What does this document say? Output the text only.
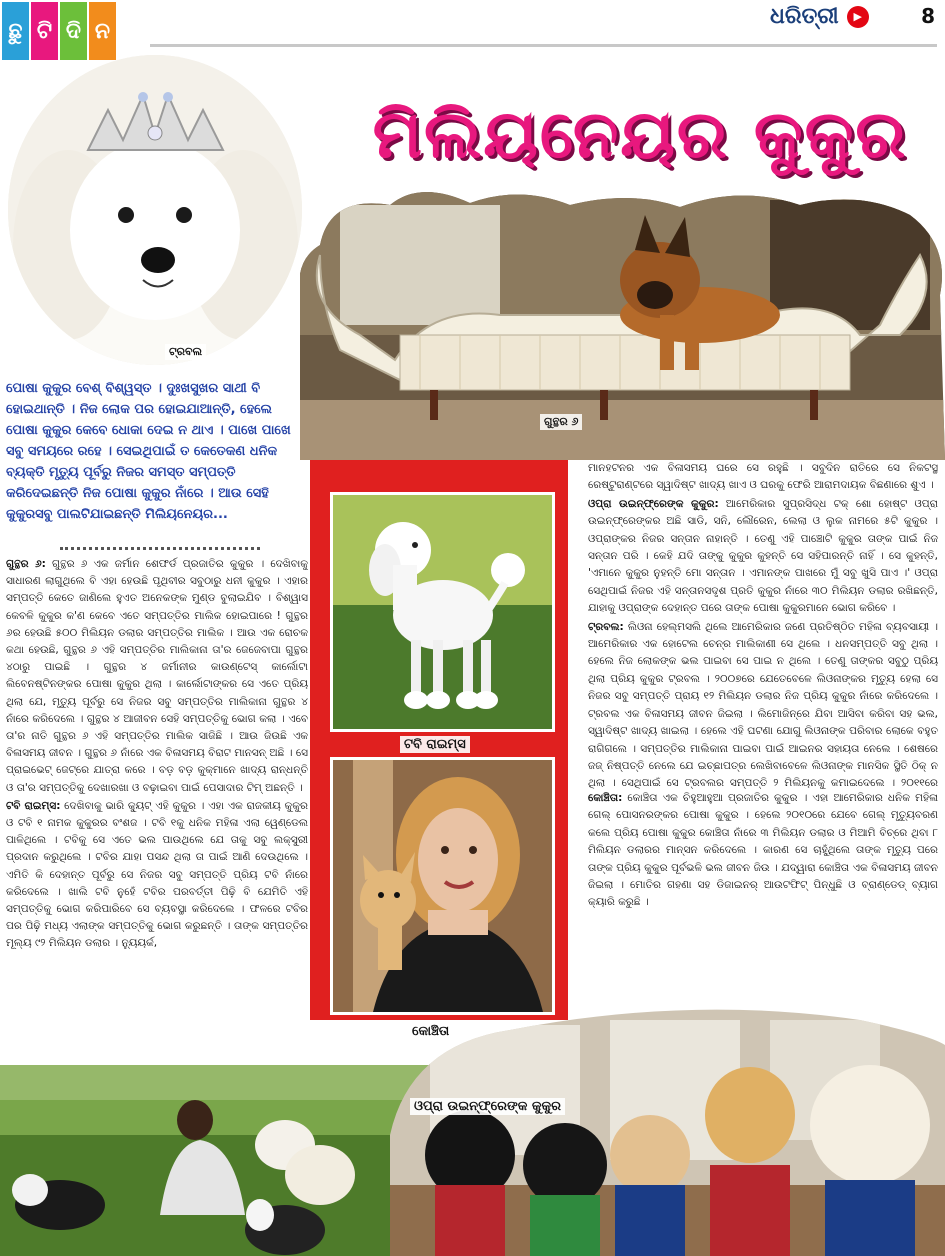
ଛୁ ଟି ଦି ନ
ଧରିତ୍ରୀ	▶	8
ମିଲିୟନେୟର କୁକୁର
ଟ୍ରବଲ
ଗୁନ୍ଥର ୬
ଟବି ରାଇମ୍ସ
କୋଞ୍ଚିତା
ଓପ୍ରା ଉଇନ୍‌ଫ୍ରେଙ୍କ କୁକୁର
ପୋଷା କୁକୁର ବେଶ୍ ବିଶ୍ୱସ୍ତ । ଦୁଃଖସୁଖର ସାଥୀ ବି ହୋଇଥାନ୍ତି । ନିଜ ଲୋକ ପର ହୋଇଯାଆନ୍ତି, ହେଲେ ପୋଷା କୁକୁର କେବେ ଧୋକା ଦେଇ ନ ଥାଏ । ପାଖେ ପାଖେ ସବୁ ସମୟରେ ରହେ । ସେଇଥିପାଇଁ ତ କେତେକଣ ଧନିକ ବ୍ୟକ୍ତି ମୃତ୍ୟୁ ପୂର୍ବରୁ ନିଜର ସମସ୍ତ ସମ୍ପତ୍ତି କରିଦେଇଛନ୍ତି ନିଜ ପୋଷା କୁକୁର ନାଁରେ । ଆଉ ସେହି କୁକୁରସବୁ ପାଲଟିଯାଇଛନ୍ତି ମିଲିୟନେୟର...

ଗୁନ୍ଥର ୬: ଗୁନ୍ଥର ୬ ଏକ ଜର୍ମାନ ଶେଫର୍ଡ ପ୍ରଜାତିର କୁକୁର । ଦେଖିବାକୁ ସାଧାରଣ ଲାଗୁଥିଲେ ବି ଏହା ହେଉଛି ପୃଥିବୀର ସବୁଠାରୁ ଧନୀ କୁକୁର । ଏହାର ସମ୍ପତ୍ତି କେତେ ଜାଣିଲେ ହୁଏତ ଅନେକଙ୍କ ମୁଣ୍ଡ ବୁଲାଇଯିବ । ବିଶ୍ୱାସ କେବଳି କୁକୁର କ'ଣ କେବେ ଏତେ ସମ୍ପତ୍ତିର ମାଲିକ ହୋଇପାରେ ! ଗୁନ୍ଥର ୬ର ହେଉଛି ୫୦୦ ମିଲିୟନ ଡଲାର ସମ୍ପତ୍ତିର ମାଲିକ । ଆଉ ଏକ ରୋଚକ କଥା ହେଉଛି, ଗୁନ୍ଥର ୬ ଏହି ସମ୍ପତ୍ତିର ମାଲିକାନା ତା'ର ଜେଜେବାପା ଗୁନ୍ଥର ୪ଠାରୁ ପାଇଛି । ଗୁନ୍ଥର ୪ ଜର୍ମାନୀର କାଉଣ୍ଟେସ୍ କାର୍ଲୋଟା ଲିବେନଷ୍ଟିନଙ୍କର ପୋଷା କୁକୁର ଥିଲା । କାର୍ଲୋଟାଙ୍କର ସେ ଏତେ ପ୍ରିୟ ଥିଲା ଯେ, ମୃତ୍ୟୁ ପୂର୍ବରୁ ସେ ନିଜର ସବୁ ସମ୍ପତ୍ତିର ମାଲିକାନା ଗୁନ୍ଥର ୪ ନାଁରେ କରିଦେଲେ । ଗୁନ୍ଥର ୪ ଆଜୀବନ ସେହି ସମ୍ପତ୍ତିକୁ ଭୋଗ କଲା । ଏବେ ତା'ର ନାତି ଗୁନ୍ଥର ୬ ଏହି ସମ୍ପତ୍ତିର ମାଲିକ ସାଜିଛି । ଆଉ ଜିଉଛି ଏକ ବିଳାସମୟ ଜୀବନ । ଗୁନ୍ଥର ୬ ନାଁରେ ଏକ ବିଳାସମୟ ବିରାଟ ମାନସନ୍ ଅଛି । ସେ ପ୍ରାଇଭେଟ୍ ଜେଟ୍‌ରେ ଯାତ୍ରା କରେ । ବଡ଼ ବଡ଼ କୁକ୍‌ମାନେ ଖାଦ୍ୟ ରାନ୍ଧନ୍ତି ଓ ତା'ର ସମ୍ପତ୍ତିକୁ ଦେଖାରଖା ଓ ବଢ଼ାଇବା ପାଇଁ ପେସାଦାର ଟିମ୍ ଅଛନ୍ତି ।

ଟବି ରାଇମ୍ସ: ଦେଖିବାକୁ ଭାରି କ୍ୟୁଟ୍ ଏହି କୁକୁର । ଏହା ଏକ ରାଜକୀୟ କୁକୁର ଓ ଟବି ୧ ନାମକ କୁକୁରର ବଂଶଜ । ଟବି ୧କୁ ଧନିକ ମହିଳା ଏଲା ୱେଣ୍ଡେଲ ପାଳିଥିଲେ । ଟବିକୁ ସେ ଏତେ ଭଲ ପାଉଥିଲେ ଯେ ତାକୁ ସବୁ ଲକ୍ସୁରୀ ପ୍ରଦାନ କରୁଥିଲେ । ଟବିର ଯାହା ପସନ୍ଦ ଥିଲା ତା ପାଇଁ ଆଣି ଦେଉଥିଲେ । ଏମିତି କି ଦେହାନ୍ତ ପୂର୍ବରୁ ସେ ନିଜର ସବୁ ସମ୍ପତ୍ତି ପ୍ରିୟ ଟବି ନାଁରେ କରିଦେଲେ । ଖାଲି ଟବି ନୁହେଁ ଟବିର ପରବର୍ତ୍ତୀ ପିଢ଼ି ବି ଯେମିତି ଏହି ସମ୍ପତ୍ତିକୁ ଭୋଗ କରିପାରିବେ ସେ ବ୍ୟବସ୍ଥା କରିଦେଲେ । ଫଳରେ ଟବିର ପର ପିଢ଼ି ମଧ୍ୟ ଏଲାଙ୍କ ସମ୍ପତ୍ତିକୁ ଭୋଗ କରୁଛନ୍ତି । ତାଙ୍କ ସମ୍ପତ୍ତିର ମୂଲ୍ୟ ୯୨ ମିଲିୟନ ଡଲାର । ନ୍ୟୁୟର୍କ,

ମାନହଟନର ଏକ ବିଳାସମୟ ଘରେ ସେ ରହୁଛି । ସବୁଦିନ ରାତିରେ ସେ ନିକଟସ୍ଥ ରେଷ୍ଟୁରାଣ୍ଟରେ ସ୍ୱାଦିଷ୍ଟ ଖାଦ୍ୟ ଖାଏ ଓ ଘରକୁ ଫେରି ଆରାମଦାୟକ ବିଛଣାରେ ଶୁଏ ।

ଓପ୍ରା ଉଇନ୍‌ଫ୍ରେଙ୍କ କୁକୁର: ଆମେରିକାର ସୁପ୍ରସିଦ୍ଧ ଟକ୍ ଶୋ ହୋଷ୍ଟ ଓପ୍ରା ଉଇନ୍‌ଫ୍ରେଙ୍କର ଅଛି ସାଡି, ସନି, ଲୌରେନ, ଲେଲା ଓ ଲୁକ ନାମରେ ୫ଟି କୁକୁର । ଓପ୍ରାଙ୍କର ନିଜର ସନ୍ତାନ ନାହାନ୍ତି । ତେଣୁ ଏହି ପାଞ୍ଚୋଟି କୁକୁର ତାଙ୍କ ପାଇଁ ନିଜ ସନ୍ତାନ ପରି । କେହି ଯଦି ତାଙ୍କୁ କୁକୁର କୁହନ୍ତି ସେ ସହିପାରନ୍ତି ନାହିଁ । ସେ କୁହନ୍ତି, 'ଏମାନେ କୁକୁର ନୁହନ୍ତି ମୋ ସନ୍ତାନ । ଏମାନଙ୍କ ପାଖରେ ମୁଁ ସବୁ ଖୁସି ପାଏ ।' ଓପ୍ରା ସେଥିପାଇଁ ନିଜର ଏହି ସନ୍ତାନସଦୃଶ ପ୍ରତି କୁକୁର ନାଁରେ ୩୦ ମିଲିୟନ ଡଲାର ରଖିଛନ୍ତି, ଯାହାକୁ ଓପ୍ରାଙ୍କ ଦେହାନ୍ତ ପରେ ତାଙ୍କ ପୋଷା କୁକୁରମାନେ ଭୋଗ କରିବେ ।

ଟ୍ରବଲ: ଲିଓନା ହେଲ୍ମସଲି ଥିଲେ ଆମେରିକାର ଜଣେ ପ୍ରତିଷ୍ଠିତ ମହିଳା ବ୍ୟବସାୟୀ । ଆମେରିକାର ଏକ ହୋଟେଲ ଚେନ୍‌ର ମାଲିକାଣୀ ସେ ଥିଲେ । ଧନସମ୍ପତ୍ତି ସବୁ ଥିଲା । ହେଲେ ନିଜ ଲୋକଙ୍କ ଭଲ ପାଇବା ସେ ପାଇ ନ ଥିଲେ । ତେଣୁ ତାଙ୍କର ସବୁଠୁ ପ୍ରିୟ ଥିଲା ପ୍ରିୟ କୁକୁର ଟ୍ରବଲ । ୨୦୦୭ରେ ଯେତେବେଳେ ଲିଓନାଙ୍କର ମୃତ୍ୟୁ ହେଲା ସେ ନିଜର ସବୁ ସମ୍ପତ୍ତି ପ୍ରାୟ ୧୨ ମିଲିୟନ ଡଲାର ନିଜ ପ୍ରିୟ କୁକୁର ନାଁରେ କରିଦେଲେ । ଟ୍ରବଲ ଏକ ବିଳାସମୟ ଜୀବନ ଜିଇଲା । ଲିମୋଜିନ୍‌ରେ ଯିବା ଆସିବା କରିବା ସହ ଭଲ, ସ୍ୱାଦିଷ୍ଟ ଖାଦ୍ୟ ଖାଇଲା । ହେଲେ ଏହି ଘଟଣା ଯୋଗୁ ଲିଓନାଙ୍କ ପରିବାର ଲୋକେ ବହୁତ ରାଗିଗଲେ । ସମ୍ପତ୍ତିର ମାଲିକାନା ପାଇବା ପାଇଁ ଆଇନର ସହାୟତା ନେଲେ । ଶେଷରେ ଜଜ୍ ନିଷ୍ପତ୍ତି ନେଲେ ଯେ ଇଚ୍ଛାପତ୍ର ଲେଖିବାବେଳେ ଲିଓନାଙ୍କ ମାନସିକ ସ୍ଥିତି ଠିକ୍ ନ ଥିଲା । ସେଥିପାଇଁ ସେ ଟ୍ରବଲର ସମ୍ପତ୍ତି ୨ ମିଲିୟନକୁ କମାଇଦେଲେ । ୨୦୧୧ରେ

କୋଞ୍ଚିତା: କୋଞ୍ଚିତା ଏକ ଚିହୁଆହୁଆ ପ୍ରଜାତିର କୁକୁର । ଏହା ଆମେରିକାର ଧନିକ ମହିଳା ଗେଲ୍ ପୋସନରଙ୍କର ପୋଷା କୁକୁର । ହେଲେ ୨୦୧୦ରେ ଯେବେ ଗେଲ୍ ମୃତ୍ୟୁବରଣ କଲେ ପ୍ରିୟ ପୋଷା କୁକୁର କୋଞ୍ଚିତା ନାଁରେ ୩ ମିଲିୟନ ଡଲାର ଓ ମିଆମି ବିଚ୍‌ରେ ଥିବା ୮ ମିଲିୟନ ଡଲାରର ମାନ୍‌ସନ କରିଦେଲେ । କାରଣ ସେ ଚାହୁଁଥିଲେ ତାଙ୍କ ମୃତ୍ୟୁ ପରେ ତାଙ୍କ ପ୍ରିୟ କୁକୁର ପୂର୍ବଭଳି ଭଲ ଜୀବନ ଜିଉ । ଯଦ୍ୱାରା କୋଞ୍ଚିତା ଏକ ବିଳାସମୟ ଜୀବନ ଜିଇଲା । ମୋତିର ଗହଣା ସହ ଡିଜାଇନର୍ ଆଉଟଫିଟ୍ ପିନ୍ଧୁଛି ଓ ବ୍ରାଣ୍ଡେଡ୍ ବ୍ୟାଗ କ୍ୟାରି କରୁଛି ।
